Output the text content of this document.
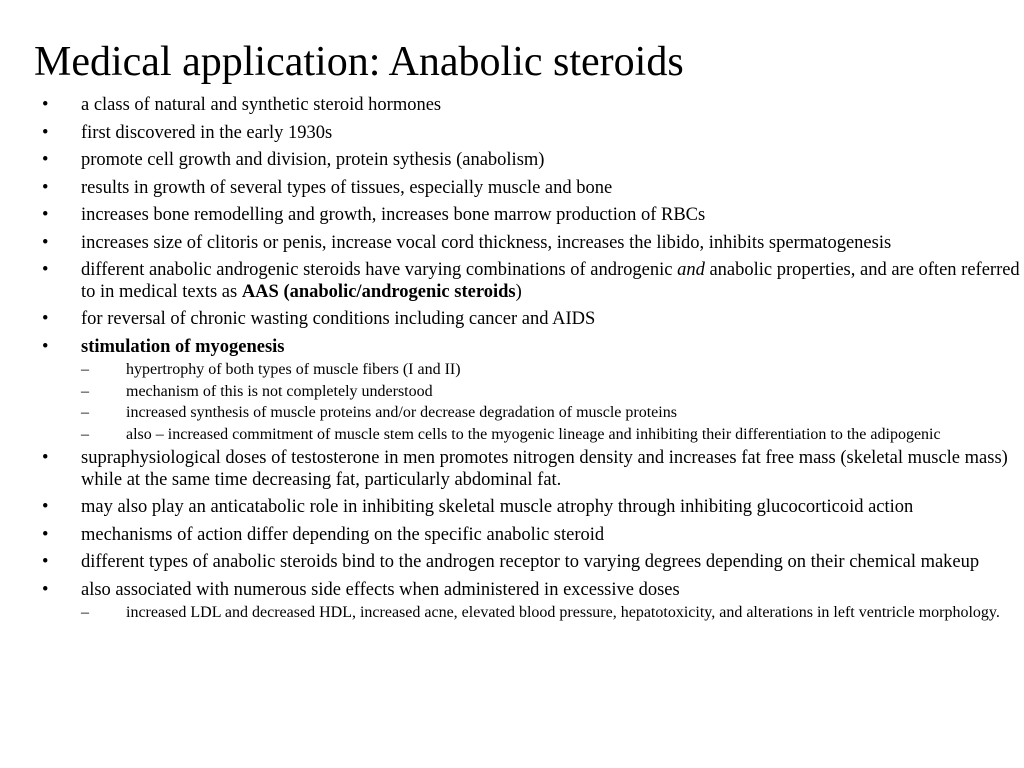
Medical application: Anabolic steroids
• a class of natural and synthetic steroid hormones
• first discovered in the early 1930s
• promote cell growth and division, protein sythesis (anabolism)
• results in growth of several types of tissues, especially muscle and bone
• increases bone remodelling and growth, increases bone marrow production of RBCs
• increases size of clitoris or penis, increase vocal cord thickness, increases the libido, inhibits spermatogenesis
• different anabolic androgenic steroids have varying combinations of androgenic and anabolic properties, and are often referred to in medical texts as AAS (anabolic/androgenic steroids)
• for reversal of chronic wasting conditions including cancer and AIDS
• stimulation of myogenesis
– hypertrophy of both types of muscle fibers (I and II)
– mechanism of this is not completely understood
– increased synthesis of muscle proteins and/or decrease degradation of muscle proteins
– also – increased commitment of muscle stem cells to the myogenic lineage and inhibiting their differentiation to the adipogenic
• supraphysiological doses of testosterone in men promotes nitrogen density and increases fat free mass (skeletal muscle mass) while at the same time decreasing fat, particularly abdominal fat.
• may also play an anticatabolic role in inhibiting skeletal muscle atrophy through inhibiting glucocorticoid action
• mechanisms of action differ depending on the specific anabolic steroid
• different types of anabolic steroids bind to the androgen receptor to varying degrees depending on their chemical makeup
• also associated with numerous side effects when administered in excessive doses
– increased LDL and decreased HDL, increased acne, elevated blood pressure, hepatotoxicity, and alterations in left ventricle morphology.
